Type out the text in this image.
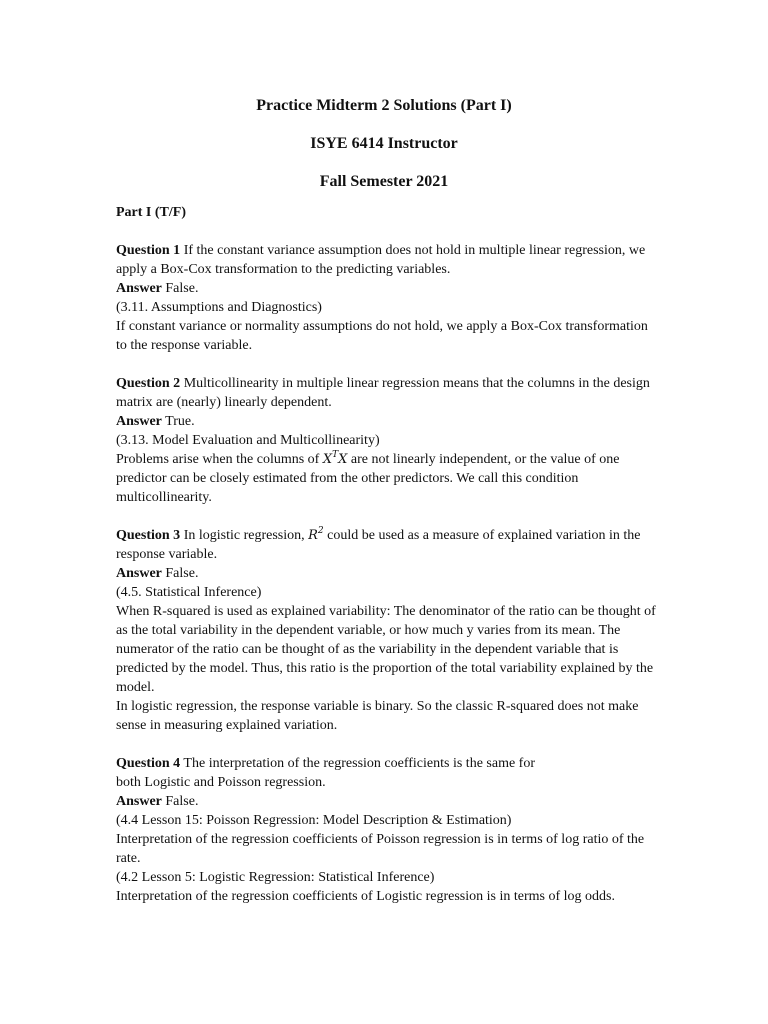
Practice Midterm 2 Solutions (Part I)
ISYE 6414 Instructor
Fall Semester 2021

Part I (T/F)

Question 1 If the constant variance assumption does not hold in multiple linear regression, we apply a Box-Cox transformation to the predicting variables.

Answer False.

(3.11. Assumptions and Diagnostics)

If constant variance or normality assumptions do not hold, we apply a Box-Cox transformation to the response variable.

Question 2 Multicollinearity in multiple linear regression means that the columns in the design matrix are (nearly) linearly dependent.

Answer True.

(3.13. Model Evaluation and Multicollinearity)

Problems arise when the columns of $X^TX$ are not linearly independent, or the value of one predictor can be closely estimated from the other predictors. We call this condition multicollinearity.

Question 3 In logistic regression, $R^2$ could be used as a measure of explained variation in the response variable.

Answer False.

(4.5. Statistical Inference)

When R-squared is used as explained variability: The denominator of the ratio can be thought of as the total variability in the dependent variable, or how much y varies from its mean. The numerator of the ratio can be thought of as the variability in the dependent variable that is predicted by the model. Thus, this ratio is the proportion of the total variability explained by the model.

In logistic regression, the response variable is binary. So the classic R-squared does not make sense in measuring explained variation.

Question 4 The interpretation of the regression coefficients is the same for
both Logistic and Poisson regression.

Answer False.

(4.4 Lesson 15: Poisson Regression: Model Description & Estimation)

Interpretation of the regression coefficients of Poisson regression is in terms of log ratio of the rate.

(4.2 Lesson 5: Logistic Regression: Statistical Inference)

Interpretation of the regression coefficients of Logistic regression is in terms of log odds.
